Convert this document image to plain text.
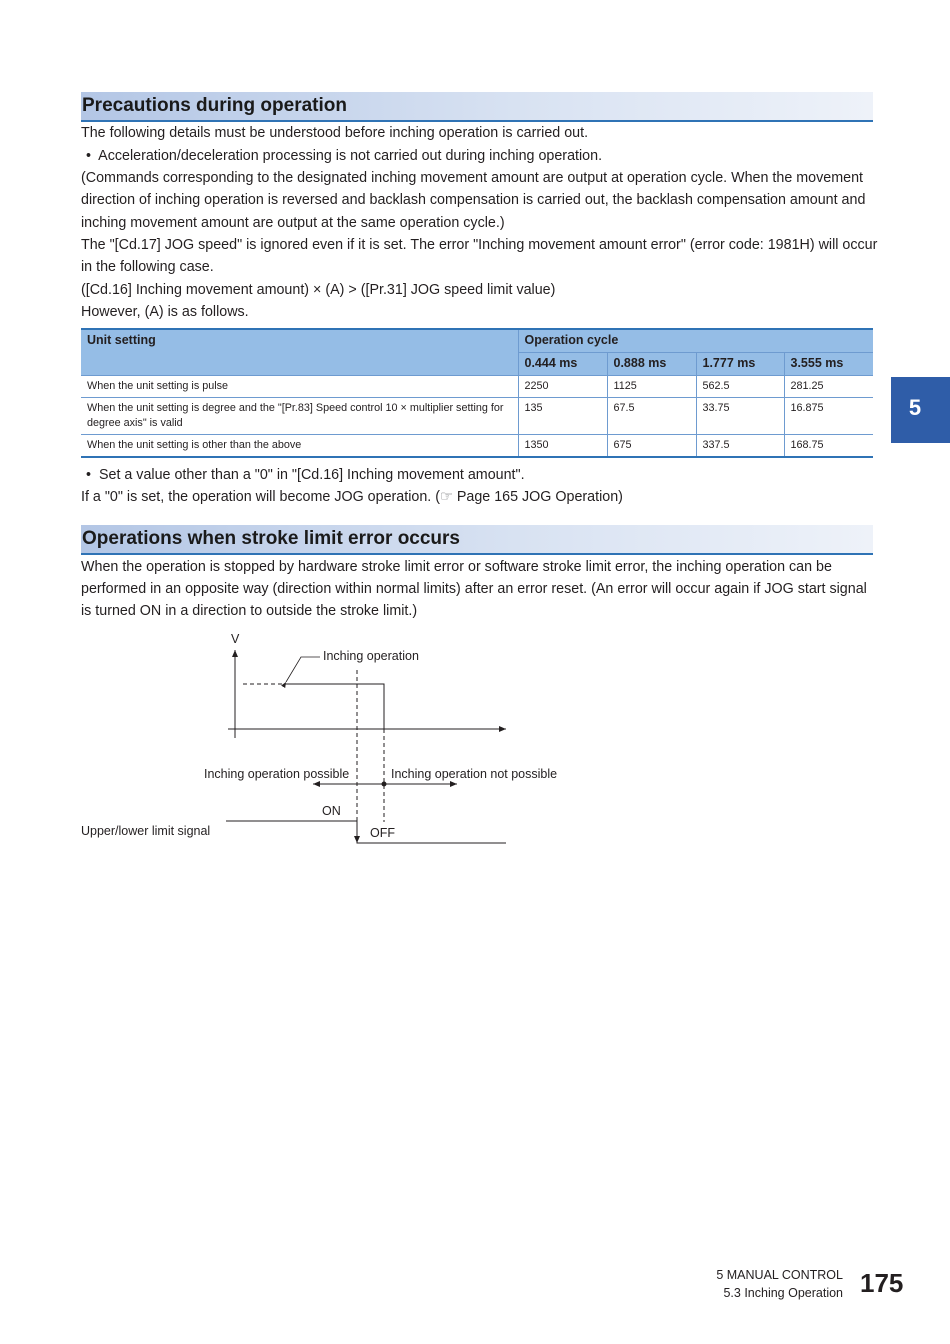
Precautions during operation
The following details must be understood before inching operation is carried out.
•  Acceleration/deceleration processing is not carried out during inching operation.
(Commands corresponding to the designated inching movement amount are output at operation cycle. When the movement
direction of inching operation is reversed and backlash compensation is carried out, the backlash compensation amount and
inching movement amount are output at the same operation cycle.)
The "[Cd.17] JOG speed" is ignored even if it is set. The error "Inching movement amount error" (error code: 1981H) will occur
in the following case.
([Cd.16] Inching movement amount) × (A) > ([Pr.31] JOG speed limit value)
However, (A) is as follows.
Unit setting	Operation cycle			
	0.444 ms	0.888 ms	1.777 ms	3.555 ms
When the unit setting is pulse	2250	1125	562.5	281.25
When the unit setting is degree and the "[Pr.83] Speed control 10 × multiplier setting for degree axis" is valid	135	67.5	33.75	16.875
When the unit setting is other than the above	1350	675	337.5	168.75
•  Set a value other than a "0" in "[Cd.16] Inching movement amount".
If a "0" is set, the operation will become JOG operation. (☞ Page 165 JOG Operation)
Operations when stroke limit error occurs
When the operation is stopped by hardware stroke limit error or software stroke limit error, the inching operation can be
performed in an opposite way (direction within normal limits) after an error reset. (An error will occur again if JOG start signal
is turned ON in a direction to outside the stroke limit.)
V
Inching operation
Inching operation possible	Inching operation not possible
ON
OFF
Upper/lower limit signal
5
5 MANUAL CONTROL
5.3 Inching Operation 175
